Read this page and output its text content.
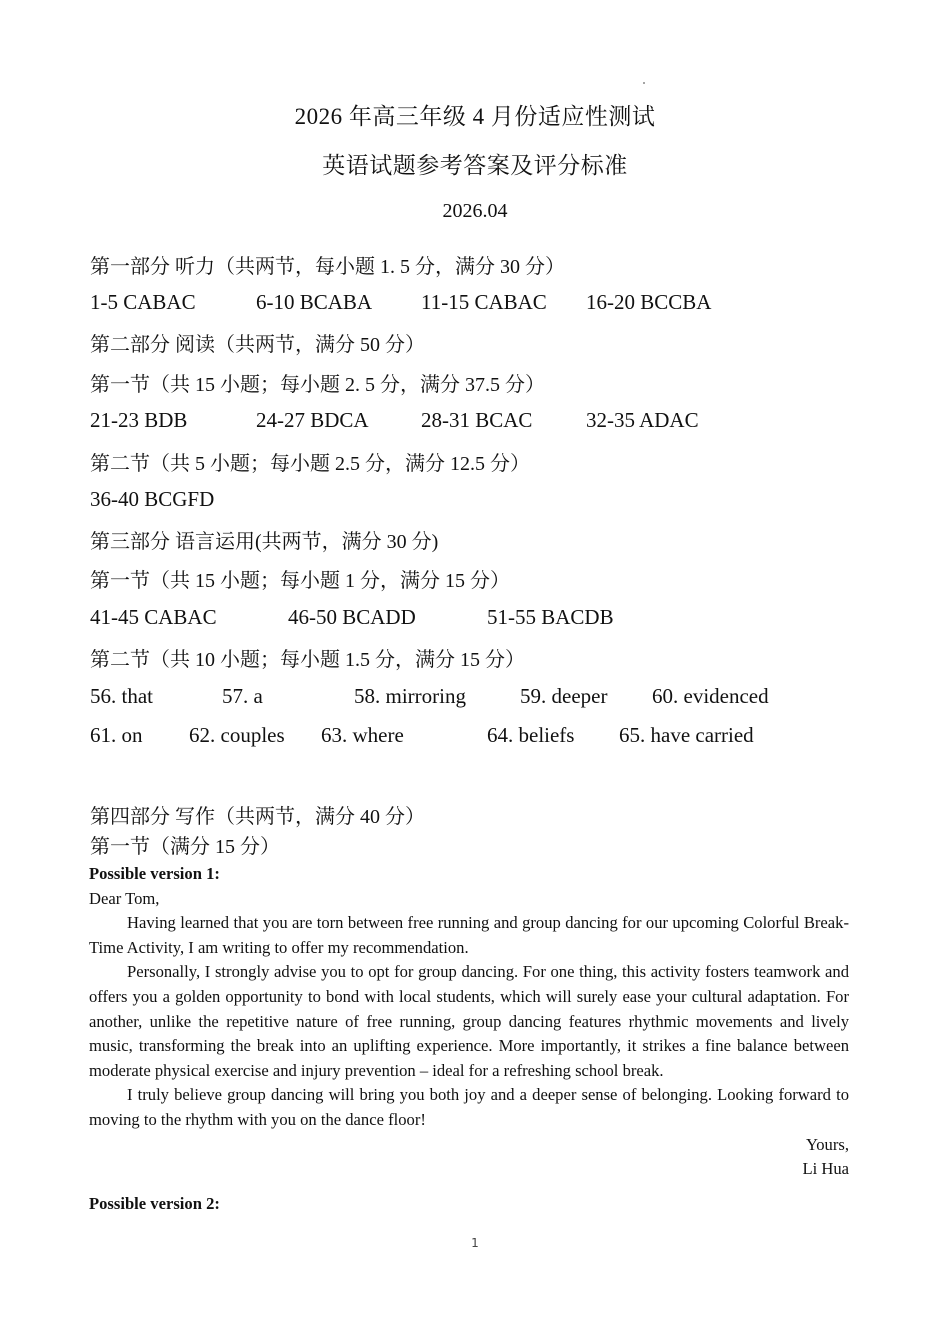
2026 年高三年级 4 月份适应性测试
英语试题参考答案及评分标准
2026.04
第一部分 听力（共两节，每小题 1. 5 分，满分 30 分）
1-5 CABAC	6-10 BCABA 11-15 CABAC 16-20 BCCBA
第二部分 阅读（共两节，满分 50 分）
第一节（共 15 小题；每小题 2. 5 分，满分 37.5 分）
21-23 BDB	24-27 BDCA 28-31 BCAC	32-35 ADAC
第二节（共 5 小题；每小题 2.5 分，满分 12.5 分）
36-40 BCGFD
第三部分 语言运用(共两节，满分 30 分)
第一节（共 15 小题；每小题 1 分，满分 15 分）
41-45 CABAC	46-50 BCADD	51-55 BACDB
第二节（共 10 小题；每小题 1.5 分，满分 15 分）
56. that	57. a	58. mirroring	59. deeper 60. evidenced
61. on 62. couples 63. where	64. beliefs 65. have carried
第四部分 写作（共两节，满分 40 分）
第一节（满分 15 分）

Possible version 1:

Dear Tom,

Having learned that you are torn between free running and group dancing for our upcoming Colorful Break-Time Activity, I am writing to offer my recommendation.

Personally, I strongly advise you to opt for group dancing. For one thing, this activity fosters teamwork and offers you a golden opportunity to bond with local students, which will surely ease your cultural adaptation. For another, unlike the repetitive nature of free running, group dancing features rhythmic movements and lively music, transforming the break into an uplifting experience. More importantly, it strikes a fine balance between moderate physical exercise and injury prevention – ideal for a refreshing school break.

I truly believe group dancing will bring you both joy and a deeper sense of belonging. Looking forward to moving to the rhythm with you on the dance floor!

Yours,

Li Hua

Possible version 2:

1
